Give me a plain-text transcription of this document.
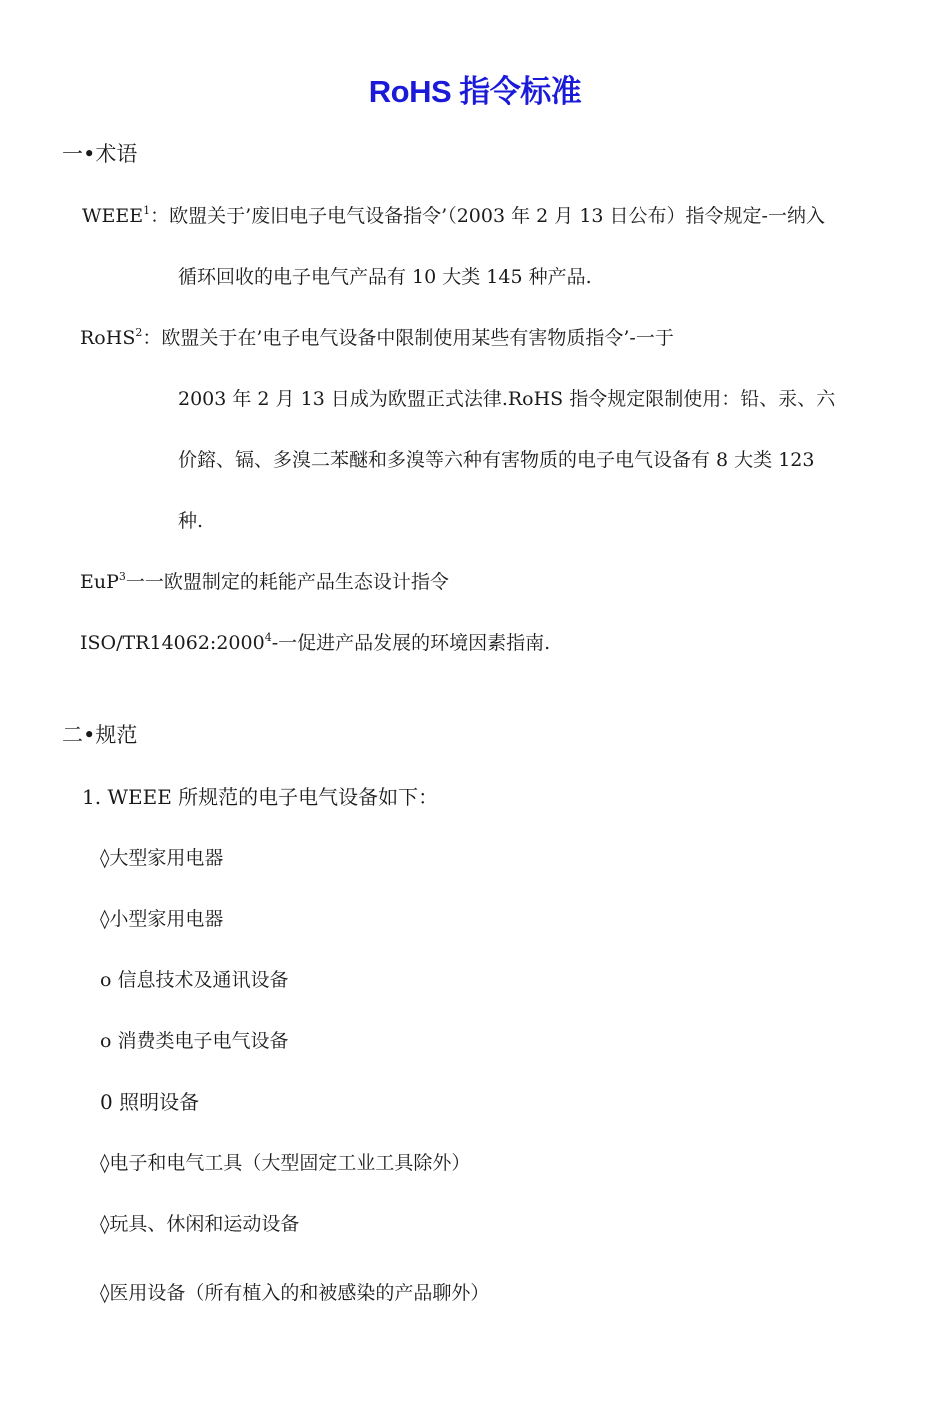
RoHS 指令标准
一•术语
WEEE$^1$：欧盟关于’废旧电子电气设备指令’（2003 年 2 月 13 日公布）指令规定-一纳入
循环回收的电子电气产品有 10 大类 145 种产品.
RoHS$^2$：欧盟关于在’电子电气设备中限制使用某些有害物质指令’-一于
2003 年 2 月 13 日成为欧盟正式法律.RoHS 指令规定限制使用：铅、汞、六
价鎔、镉、多溴二苯醚和多溴等六种有害物质的电子电气设备有 8 大类 123
种.
EuP$^3$一一欧盟制定的耗能产品生态设计指令
ISO/TR14062:2000$^4$-一促进产品发展的环境因素指南.
二•规范
1. WEEE 所规范的电子电气设备如下：
◊大型家用电器
◊小型家用电器
o 信息技术及通讯设备
o 消费类电子电气设备
0 照明设备
◊电子和电气工具（大型固定工业工具除外）
◊玩具、休闲和运动设备
◊医用设备（所有植入的和被感染的产品聊外）
